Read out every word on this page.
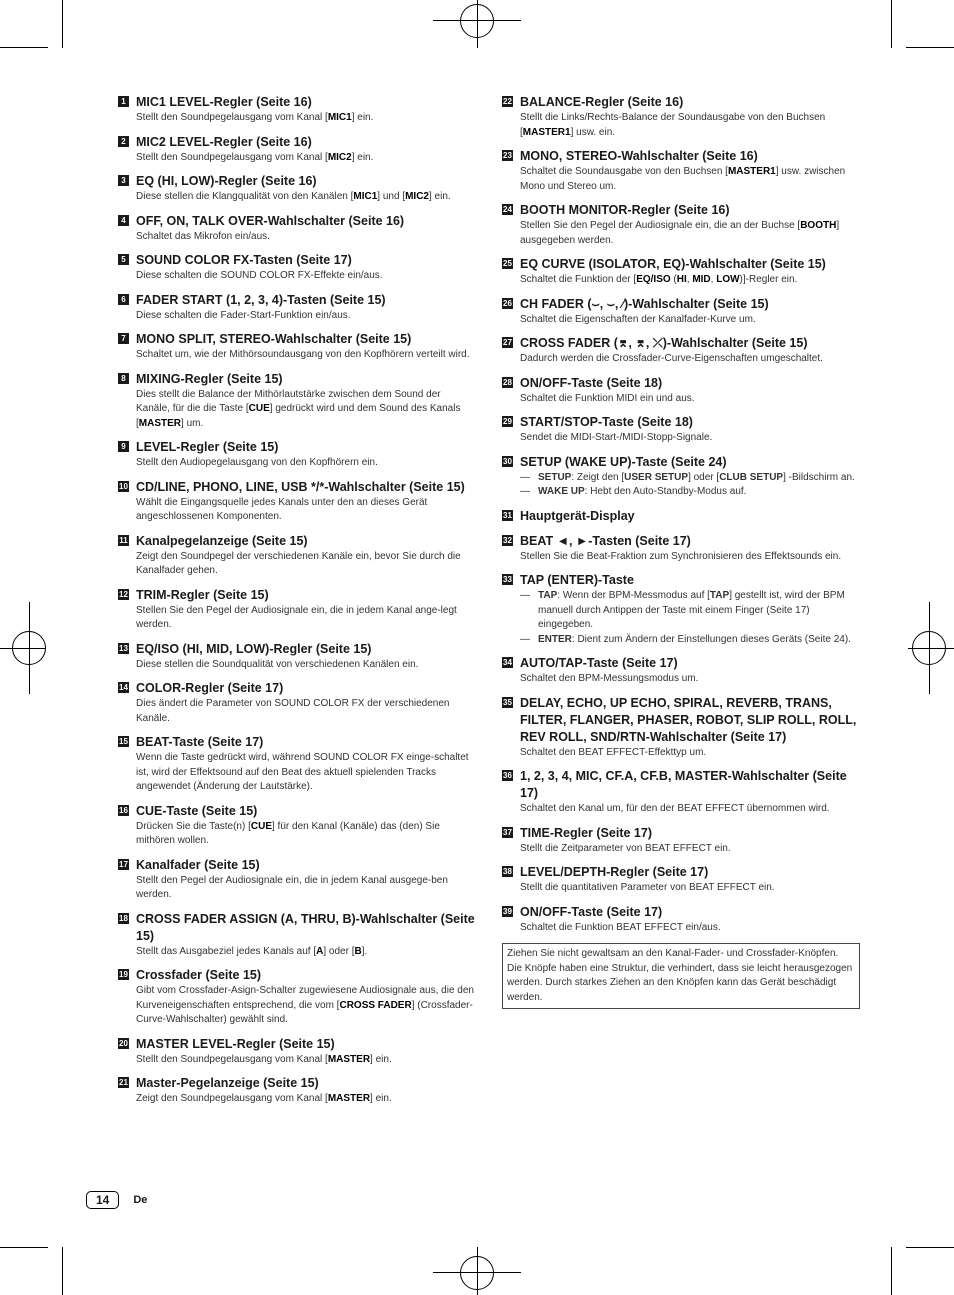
1 MIC1 LEVEL-Regler (Seite 16)
Stellt den Soundpegelausgang vom Kanal [MIC1] ein.
2 MIC2 LEVEL-Regler (Seite 16)
Stellt den Soundpegelausgang vom Kanal [MIC2] ein.
3 EQ (HI, LOW)-Regler (Seite 16)
Diese stellen die Klangqualität von den Kanälen [MIC1] und [MIC2] ein.
4 OFF, ON, TALK OVER-Wahlschalter (Seite 16)
Schaltet das Mikrofon ein/aus.
5 SOUND COLOR FX-Tasten (Seite 17)
Diese schalten die SOUND COLOR FX-Effekte ein/aus.
6 FADER START (1, 2, 3, 4)-Tasten (Seite 15)
Diese schalten die Fader-Start-Funktion ein/aus.
7 MONO SPLIT, STEREO-Wahlschalter (Seite 15)
Schaltet um, wie der Mithörsoundausgang von den Kopfhörern verteilt wird.
8 MIXING-Regler (Seite 15)
Dies stellt die Balance der Mithörlautstärke zwischen dem Sound der Kanäle, für die die Taste [CUE] gedrückt wird und dem Sound des Kanals [MASTER] um.
9 LEVEL-Regler (Seite 15)
Stellt den Audiopegelausgang von den Kopfhörern ein.
10 CD/LINE, PHONO, LINE, USB */*-Wahlschalter (Seite 15)
Wählt die Eingangsquelle jedes Kanals unter den an dieses Gerät angeschlossenen Komponenten.
11 Kanalpegelanzeige (Seite 15)
Zeigt den Soundpegel der verschiedenen Kanäle ein, bevor Sie durch die Kanalfader gehen.
12 TRIM-Regler (Seite 15)
Stellen Sie den Pegel der Audiosignale ein, die in jedem Kanal ange-legt werden.
13 EQ/ISO (HI, MID, LOW)-Regler (Seite 15)
Diese stellen die Soundqualität von verschiedenen Kanälen ein.
14 COLOR-Regler (Seite 17)
Dies ändert die Parameter von SOUND COLOR FX der verschiedenen Kanäle.
15 BEAT-Taste (Seite 17)
Wenn die Taste gedrückt wird, während SOUND COLOR FX einge-schaltet ist, wird der Effektsound auf den Beat des aktuell spielenden Tracks angewendet (Änderung der Lautstärke).
16 CUE-Taste (Seite 15)
Drücken Sie die Taste(n) [CUE] für den Kanal (Kanäle) das (den) Sie mithören wollen.
17 Kanalfader (Seite 15)
Stellt den Pegel der Audiosignale ein, die in jedem Kanal ausgege-ben werden.
18 CROSS FADER ASSIGN (A, THRU, B)-Wahlschalter (Seite 15)
Stellt das Ausgabeziel jedes Kanals auf [A] oder [B].
19 Crossfader (Seite 15)
Gibt vom Crossfader-Asign-Schalter zugewiesene Audiosignale aus, die den Kurveneigenschaften entsprechend, die vom [CROSS FADER] (Crossfader-Curve-Wahlschalter) gewählt sind.
20 MASTER LEVEL-Regler (Seite 15)
Stellt den Soundpegelausgang vom Kanal [MASTER] ein.
21 Master-Pegelanzeige (Seite 15)
Zeigt den Soundpegelausgang vom Kanal [MASTER] ein.
22 BALANCE-Regler (Seite 16)
Stellt die Links/Rechts-Balance der Soundausgabe von den Buchsen [MASTER1] usw. ein.
23 MONO, STEREO-Wahlschalter (Seite 16)
Schaltet die Soundausgabe von den Buchsen [MASTER1] usw. zwischen Mono und Stereo um.
24 BOOTH MONITOR-Regler (Seite 16)
Stellen Sie den Pegel der Audiosignale ein, die an der Buchse [BOOTH] ausgegeben werden.
25 EQ CURVE (ISOLATOR, EQ)-Wahlschalter (Seite 15)
Schaltet die Funktion der [EQ/ISO (HI, MID, LOW)]-Regler ein.
26 CH FADER (⌣, ⌣, ⁄)-Wahlschalter (Seite 15)
Schaltet die Eigenschaften der Kanalfader-Kurve um.
27 CROSS FADER (⌆, ⌆, ⤫)-Wahlschalter (Seite 15)
Dadurch werden die Crossfader-Curve-Eigenschaften umgeschaltet.
28 ON/OFF-Taste (Seite 18)
Schaltet die Funktion MIDI ein und aus.
29 START/STOP-Taste (Seite 18)
Sendet die MIDI-Start-/MIDI-Stopp-Signale.
30 SETUP (WAKE UP)-Taste (Seite 24)
— SETUP: Zeigt den [USER SETUP] oder [CLUB SETUP] -Bildschirm an.
— WAKE UP: Hebt den Auto-Standby-Modus auf.
31 Hauptgerät-Display
32 BEAT ◄, ►-Tasten (Seite 17)
Stellen Sie die Beat-Fraktion zum Synchronisieren des Effektsounds ein.
33 TAP (ENTER)-Taste
— TAP: Wenn der BPM-Messmodus auf [TAP] gestellt ist, wird der BPM manuell durch Antippen der Taste mit einem Finger (Seite 17) eingegeben.
— ENTER: Dient zum Ändern der Einstellungen dieses Geräts (Seite 24).
34 AUTO/TAP-Taste (Seite 17)
Schaltet den BPM-Messungsmodus um.
35 DELAY, ECHO, UP ECHO, SPIRAL, REVERB, TRANS, FILTER, FLANGER, PHASER, ROBOT, SLIP ROLL, ROLL, REV ROLL, SND/RTN-Wahlschalter (Seite 17)
Schaltet den BEAT EFFECT-Effekttyp um.
36 1, 2, 3, 4, MIC, CF.A, CF.B, MASTER-Wahlschalter (Seite 17)
Schaltet den Kanal um, für den der BEAT EFFECT übernommen wird.
37 TIME-Regler (Seite 17)
Stellt die Zeitparameter von BEAT EFFECT ein.
38 LEVEL/DEPTH-Regler (Seite 17)
Stellt die quantitativen Parameter von BEAT EFFECT ein.
39 ON/OFF-Taste (Seite 17)
Schaltet die Funktion BEAT EFFECT ein/aus.
Ziehen Sie nicht gewaltsam an den Kanal-Fader- und Crossfader-Knöpfen. Die Knöpfe haben eine Struktur, die verhindert, dass sie leicht herausgezogen werden. Durch starkes Ziehen an den Knöpfen kann das Gerät beschädigt werden.
14	De
